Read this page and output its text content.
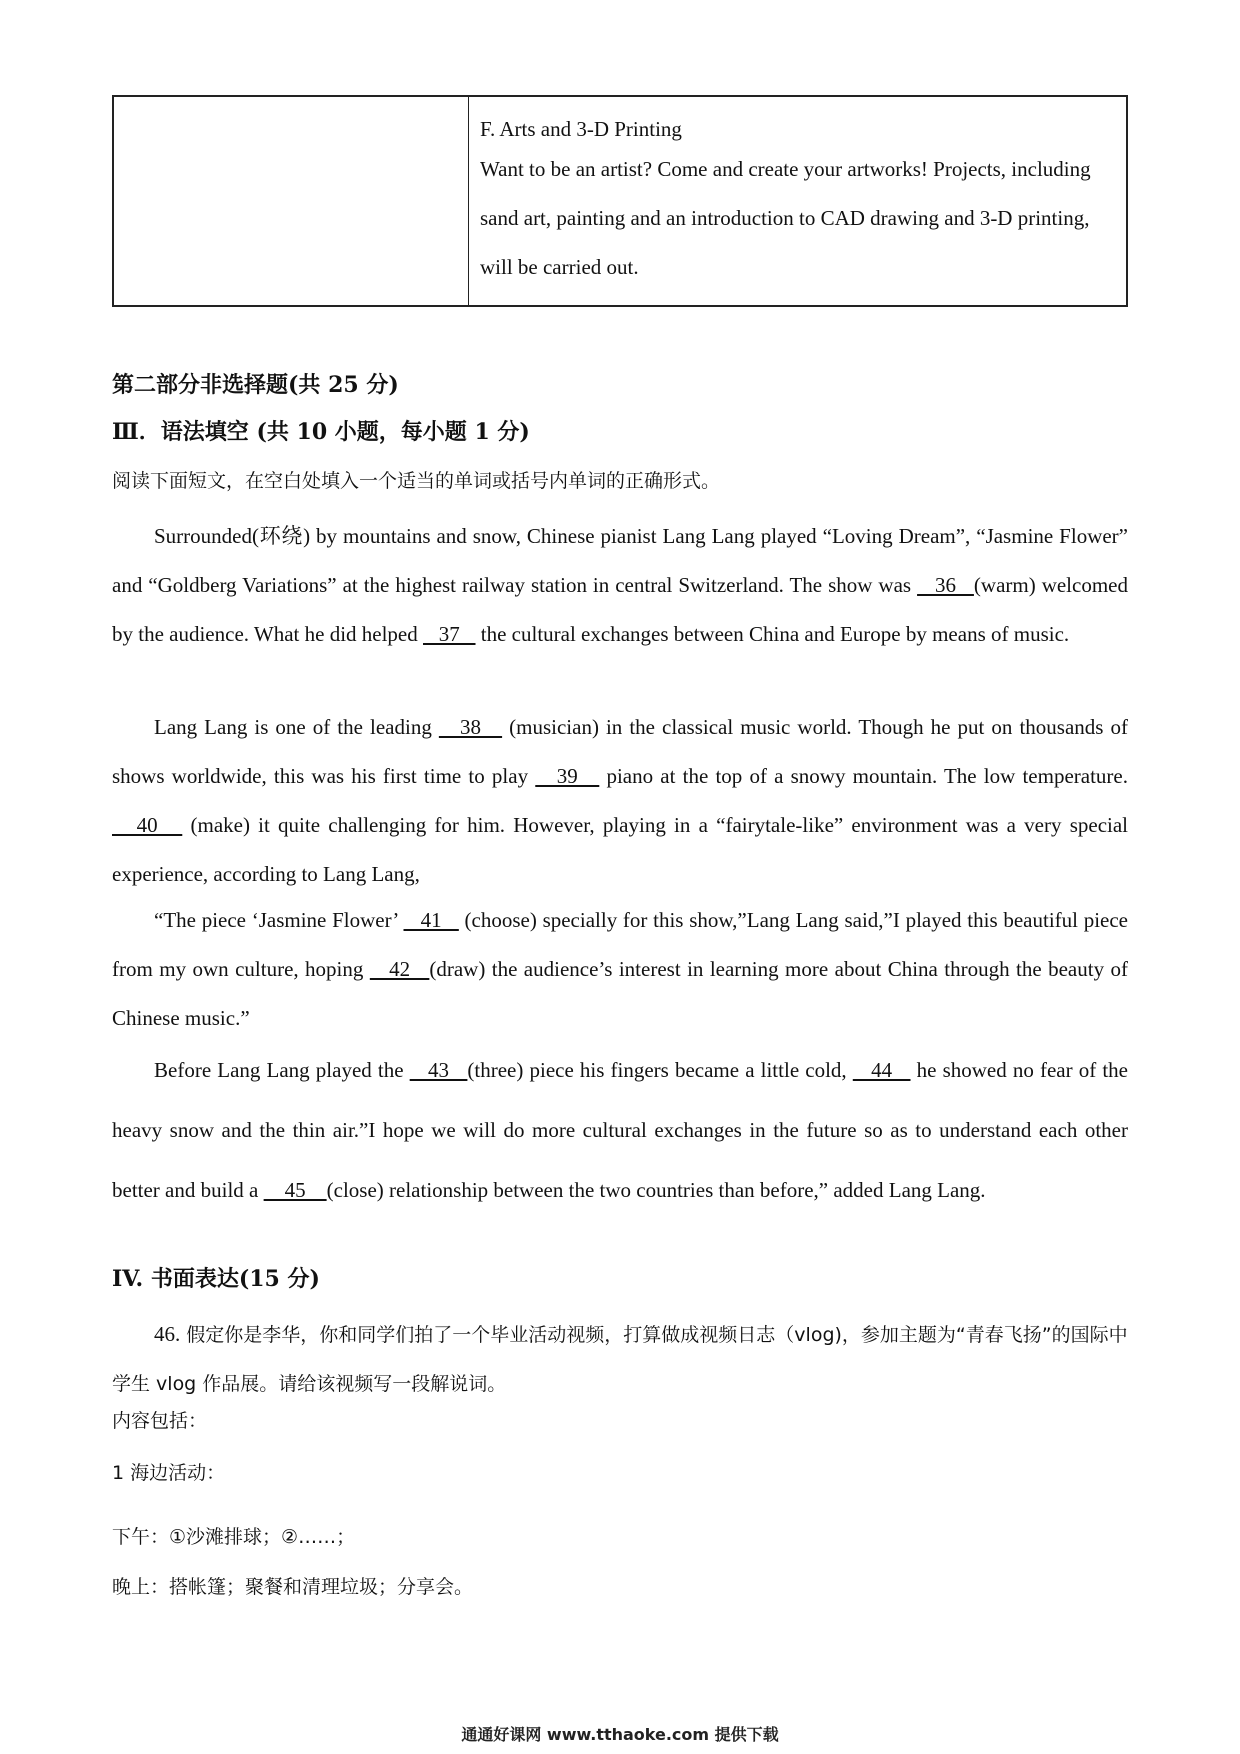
F. Arts and 3-D Printing

Want to be an artist? Come and create your artworks! Projects, including sand art, painting and an introduction to CAD drawing and 3-D printing, will be carried out.

第二部分非选择题(共 25 分)
Ⅲ．语法填空 (共 10 小题，每小题 1 分)

阅读下面短文，在空白处填入一个适当的单词或括号内单词的正确形式。

Surrounded(环绕) by mountains and snow, Chinese pianist Lang Lang played “Loving Dream”, “Jasmine Flower” and “Goldberg Variations” at the highest railway station in central Switzerland. The show was    36   (warm) welcomed by the audience. What he did helped    37    the cultural exchanges between China and Europe by means of music.

Lang Lang is one of the leading    38    (musician) in the classical music world. Though he put on thousands of shows worldwide, this was his first time to play    39    piano at the top of a snowy mountain. The low temperature.    40    (make) it quite challenging for him. However, playing in a “fairytale-like” environment was a very special experience, according to Lang Lang,

“The piece ‘Jasmine Flower’    41    (choose) specially for this show,”Lang Lang said,”I played this beautiful piece from my own culture, hoping    42   (draw) the audience’s interest in learning more about China through the beauty of Chinese music.”

Before Lang Lang played the    43   (three) piece his fingers became a little cold,    44    he showed no fear of the heavy snow and the thin air.”I hope we will do more cultural exchanges in the future so as to understand each other better and build a     45    (close) relationship between the two countries than before,” added Lang Lang.

IV. 书面表达(15 分)

46. 假定你是李华，你和同学们拍了一个毕业活动视频，打算做成视频日志（vlog)，参加主题为“青春飞扬”的国际中学生 vlog 作品展。请给该视频写一段解说词。

内容包括：

1 海边活动：

下午：①沙滩排球；②……；

晚上：搭帐篷；聚餐和清理垃圾；分享会。

通通好课网 www.tthaoke.com 提供下载
